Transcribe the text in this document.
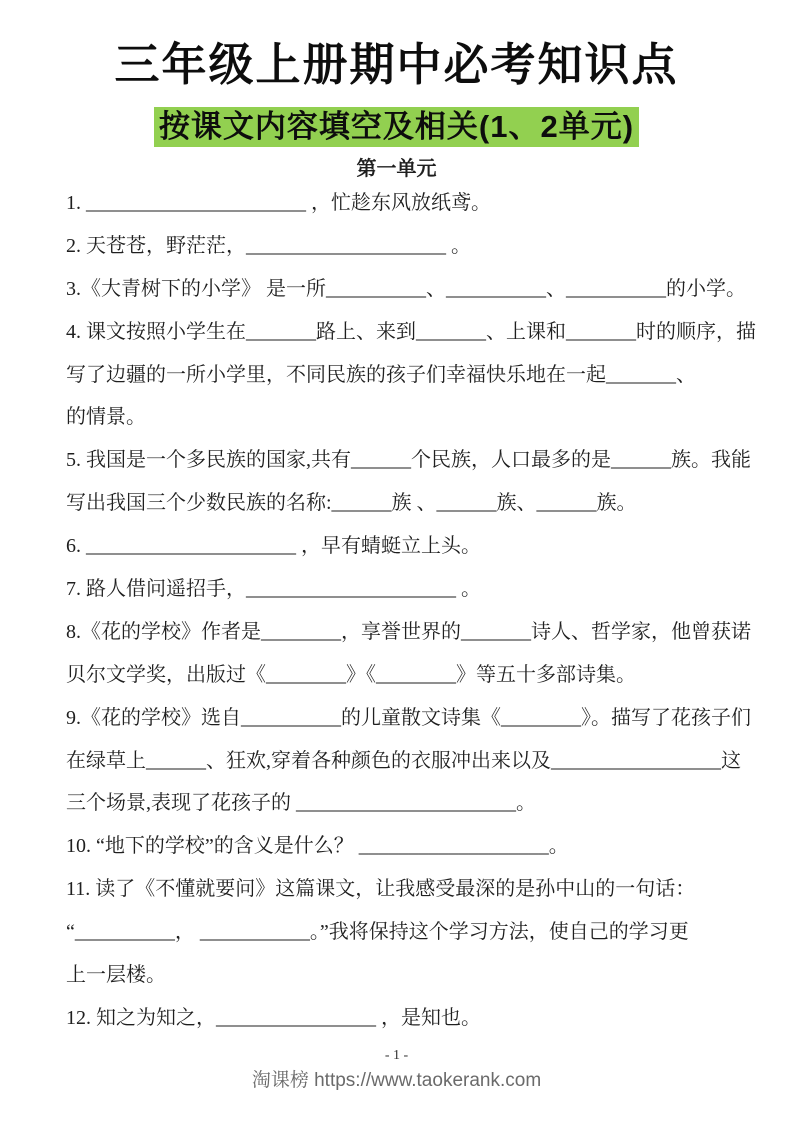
三年级上册期中必考知识点
按课文内容填空及相关(1、2单元)
第一单元
1. ______________________ ，忙趁东风放纸鸢。
2. 天苍苍，野茫茫，____________________ 。
3.《大青树下的小学》 是一所__________、__________、__________的小学。
4. 课文按照小学生在_______路上、来到_______、上课和_______时的顺序，描
写了边疆的一所小学里，不同民族的孩子们幸福快乐地在一起_______、
的情景。
5. 我国是一个多民族的国家,共有______个民族，人口最多的是______族。我能
写出我国三个少数民族的名称:______族 、______族、______族。
6. _____________________ ，早有蜻蜓立上头。
7. 路人借问遥招手，_____________________ 。
8.《花的学校》作者是________，享誉世界的_______诗人、哲学家，他曾获诺
贝尔文学奖，出版过《________》《________》等五十多部诗集。
9.《花的学校》选自__________的儿童散文诗集《________》。描写了花孩子们
在绿草上______、狂欢,穿着各种颜色的衣服冲出来以及_________________这
三个场景,表现了花孩子的 ______________________。
10. “地下的学校”的含义是什么？ ___________________。
11. 读了《不懂就要问》这篇课文，让我感受最深的是孙中山的一句话：
“__________， ___________。”我将保持这个学习方法，使自己的学习更
上一层楼。
12. 知之为知之，________________ ，是知也。
- 1 -
淘课榜 https://www.taokerank.com
